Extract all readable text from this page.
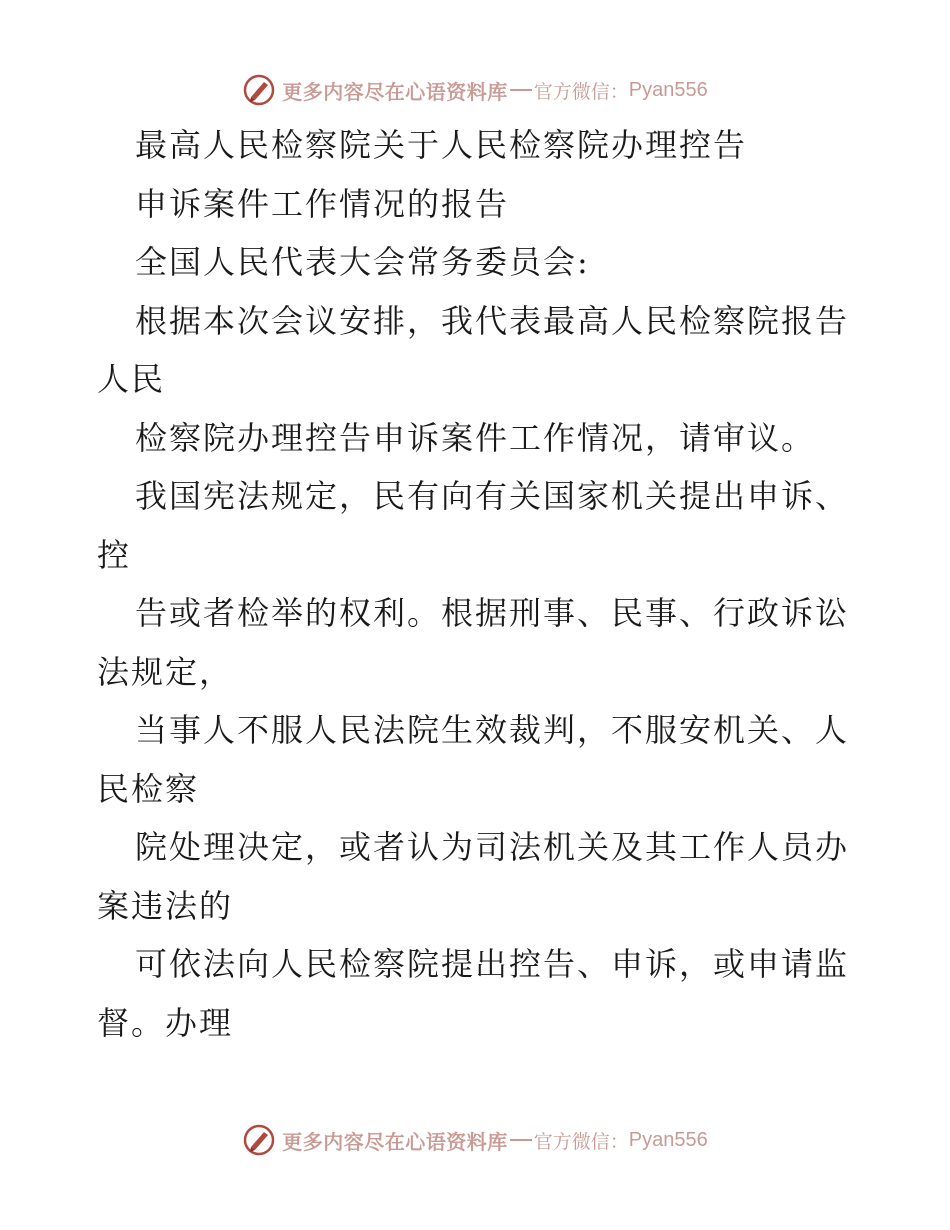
更多内容尽在心语资料库 官方微信： Pyan556
最高人民检察院关于人民检察院办理控告
申诉案件工作情况的报告
全国人民代表大会常务委员会:
根据本次会议安排，我代表最高人民检察院报告
人民
检察院办理控告申诉案件工作情况，请审议。
我国宪法规定，民有向有关国家机关提出申诉、
控
告或者检举的权利。根据刑事、民事、行政诉讼
法规定，
当事人不服人民法院生效裁判，不服安机关、人
民检察
院处理决定，或者认为司法机关及其工作人员办
案违法的
可依法向人民检察院提出控告、申诉，或申请监
督。办理
更多内容尽在心语资料库 官方微信： Pyan556
